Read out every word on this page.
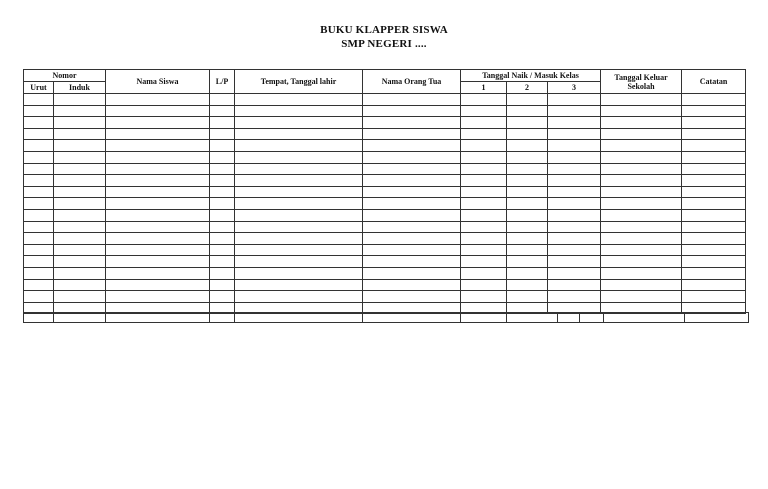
BUKU KLAPPER SISWA
SMP NEGERI ....
Nomor		Nama Siswa	L/P	Tempat, Tanggal lahir	Nama Orang Tua	Tanggal Naik / Masuk Kelas			Tanggal Keluar Sekolah	Catatan
Urut	Induk					1	2	3		
